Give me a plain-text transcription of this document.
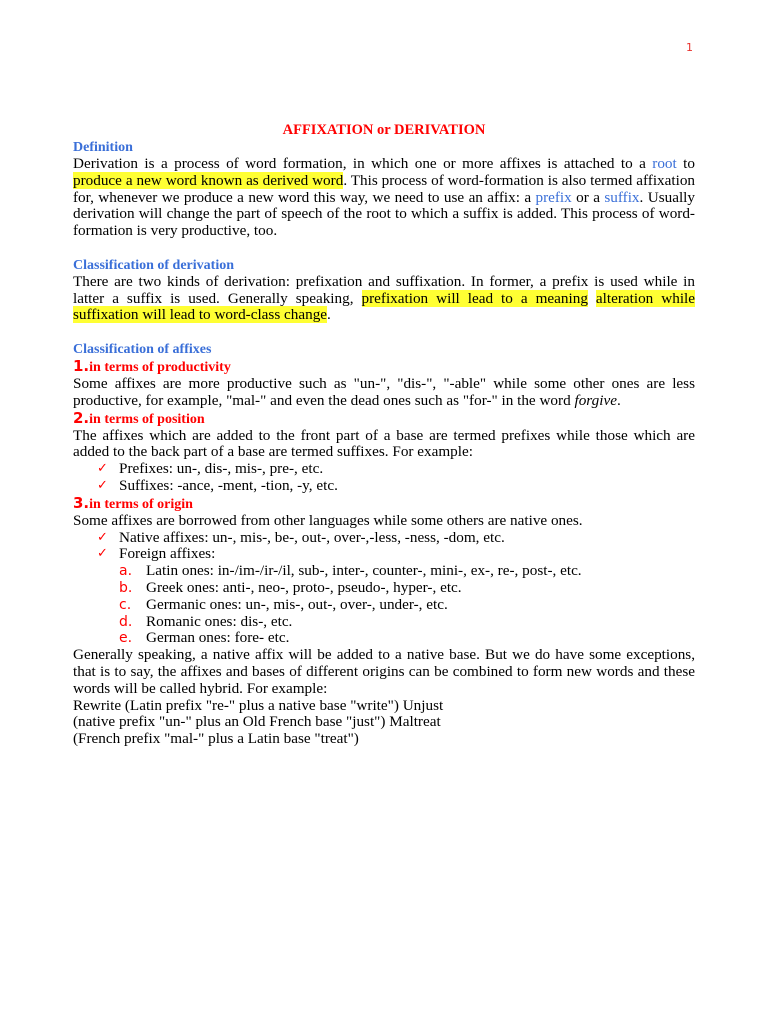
1
AFFIXATION or DERIVATION
Definition

Derivation is a process of word formation, in which one or more affixes is attached to a root to produce a new word known as derived word. This process of word-formation is also termed affixation for, whenever we produce a new word this way, we need to use an affix: a prefix or a suffix. Usually derivation will change the part of speech of the root to which a suffix is added. This process of word-formation is very productive, too.

Classification of derivation

There are two kinds of derivation: prefixation and suffixation. In former, a prefix is used while in latter a suffix is used. Generally speaking, prefixation will lead to a meaning alteration while suffixation will lead to word-class change.

Classification of affixes
1.in terms of productivity

Some affixes are more productive such as "un-", "dis-", "-able" while some other ones are less productive, for example, "mal-" and even the dead ones such as "for-" in the word forgive.

2.in terms of position

The affixes which are added to the front part of a base are termed prefixes while those which are added to the back part of a base are termed suffixes. For example:

✓ Prefixes: un-, dis-, mis-, pre-, etc.
✓ Suffixes: -ance, -ment, -tion, -y, etc.
3.in terms of origin

Some affixes are borrowed from other languages while some others are native ones.

✓ Native affixes: un-, mis-, be-, out-, over-,-less, -ness, -dom, etc.
✓ Foreign affixes:
a. Latin ones: in-/im-/ir-/il, sub-, inter-, counter-, mini-, ex-, re-, post-, etc.
b. Greek ones: anti-, neo-, proto-, pseudo-, hyper-, etc.
c. Germanic ones: un-, mis-, out-, over-, under-, etc.
d. Romanic ones: dis-, etc.
e. German ones: fore- etc.

Generally speaking, a native affix will be added to a native base. But we do have some exceptions, that is to say, the affixes and bases of different origins can be combined to form new words and these words will be called hybrid. For example:

Rewrite (Latin prefix "re-" plus a native base "write") Unjust
(native prefix "un-" plus an Old French base "just") Maltreat
(French prefix "mal-" plus a Latin base "treat")
